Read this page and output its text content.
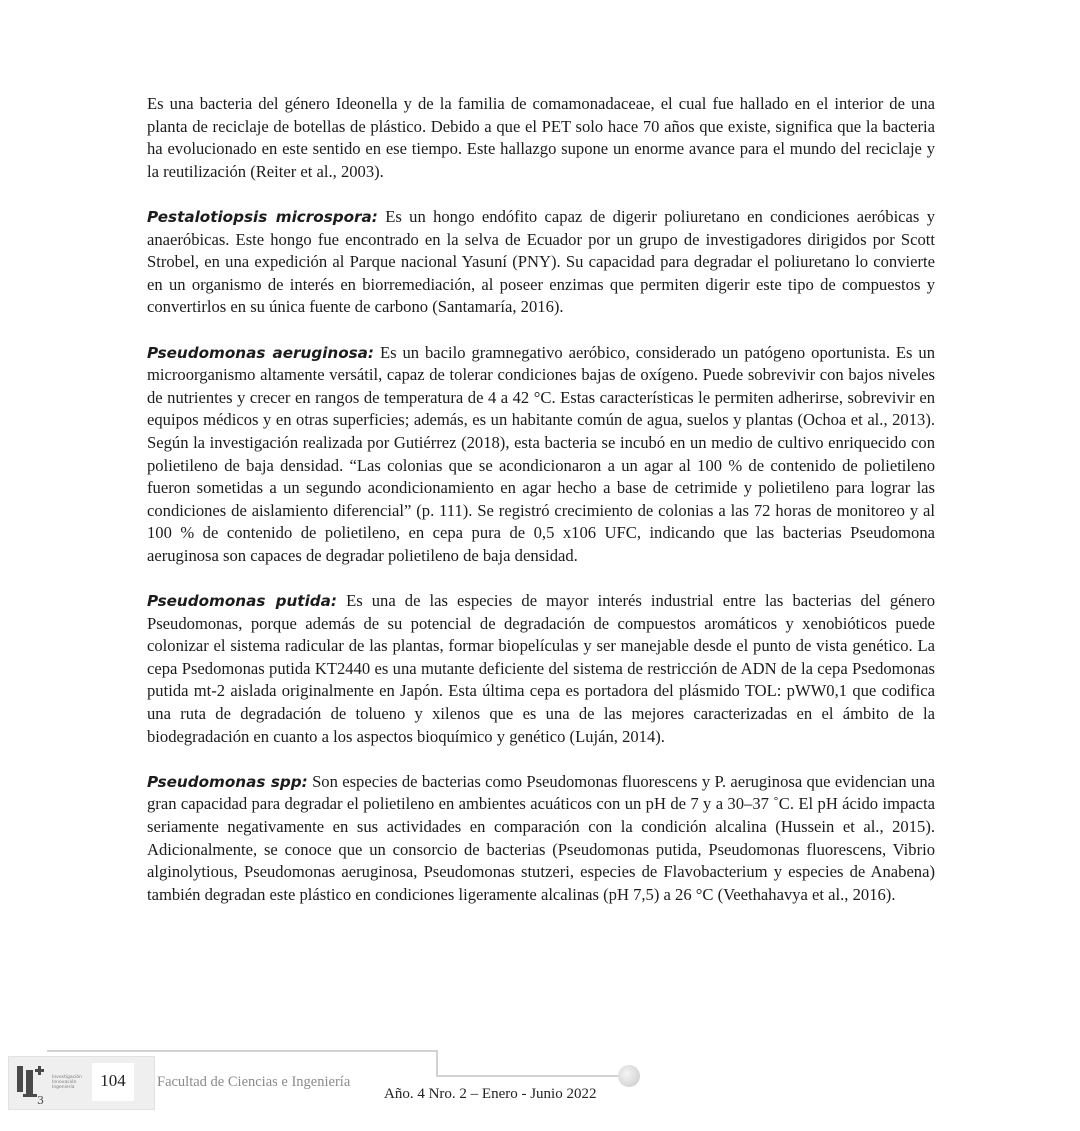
Es una bacteria del género Ideonella y de la familia de comamonadaceae, el cual fue hallado en el interior de una planta de reciclaje de botellas de plástico. Debido a que el PET solo hace 70 años que existe, significa que la bacteria ha evolucionado en este sentido en ese tiempo. Este hallazgo supone un enorme avance para el mundo del reciclaje y la reutilización (Reiter et al., 2003).

Pestalotiopsis microspora: Es un hongo endófito capaz de digerir poliuretano en condiciones aeróbicas y anaeróbicas. Este hongo fue encontrado en la selva de Ecuador por un grupo de investigadores dirigidos por Scott Strobel, en una expedición al Parque nacional Yasuní (PNY). Su capacidad para degradar el poliuretano lo convierte en un organismo de interés en biorremediación, al poseer enzimas que permiten digerir este tipo de compuestos y convertirlos en su única fuente de carbono (Santamaría, 2016).

Pseudomonas aeruginosa: Es un bacilo gramnegativo aeróbico, considerado un patógeno oportunista. Es un microorganismo altamente versátil, capaz de tolerar condiciones bajas de oxígeno. Puede sobrevivir con bajos niveles de nutrientes y crecer en rangos de temperatura de 4 a 42 °C. Estas características le permiten adherirse, sobrevivir en equipos médicos y en otras superficies; además, es un habitante común de agua, suelos y plantas (Ochoa et al., 2013). Según la investigación realizada por Gutiérrez (2018), esta bacteria se incubó en un medio de cultivo enriquecido con polietileno de baja densidad. “Las colonias que se acondicionaron a un agar al 100 % de contenido de polietileno fueron sometidas a un segundo acondicionamiento en agar hecho a base de cetrimide y polietileno para lograr las condiciones de aislamiento diferencial” (p. 111). Se registró crecimiento de colonias a las 72 horas de monitoreo y al 100 % de contenido de polietileno, en cepa pura de 0,5 x106 UFC, indicando que las bacterias Pseudomona aeruginosa son capaces de degradar polietileno de baja densidad.

Pseudomonas putida: Es una de las especies de mayor interés industrial entre las bacterias del género Pseudomonas, porque además de su potencial de degradación de compuestos aromáticos y xenobióticos puede colonizar el sistema radicular de las plantas, formar biopelículas y ser manejable desde el punto de vista genético. La cepa Psedomonas putida KT2440 es una mutante deficiente del sistema de restricción de ADN de la cepa Psedomonas putida mt-2 aislada originalmente en Japón. Esta última cepa es portadora del plásmido TOL: pWW0,1 que codifica una ruta de degradación de tolueno y xilenos que es una de las mejores caracterizadas en el ámbito de la biodegradación en cuanto a los aspectos bioquímico y genético (Luján, 2014).

Pseudomonas spp: Son especies de bacterias como Pseudomonas fluorescens y P. aeruginosa que evidencian una gran capacidad para degradar el polietileno en ambientes acuáticos con un pH de 7 y a 30–37 ˚C. El pH ácido impacta seriamente negativamente en sus actividades en comparación con la condición alcalina (Hussein et al., 2015). Adicionalmente, se conoce que un consorcio de bacterias (Pseudomonas putida, Pseudomonas fluorescens, Vibrio alginolytious, Pseudomonas aeruginosa, Pseudomonas stutzeri, especies de Flavobacterium y especies de Anabena) también degradan este plástico en condiciones ligeramente alcalinas (pH 7,5) a 26 °C (Veethahavya et al., 2016).

3
Investigación Innovación Ingeniería	104	Facultad de Ciencias e Ingeniería
Año. 4 Nro. 2 – Enero - Junio 2022
